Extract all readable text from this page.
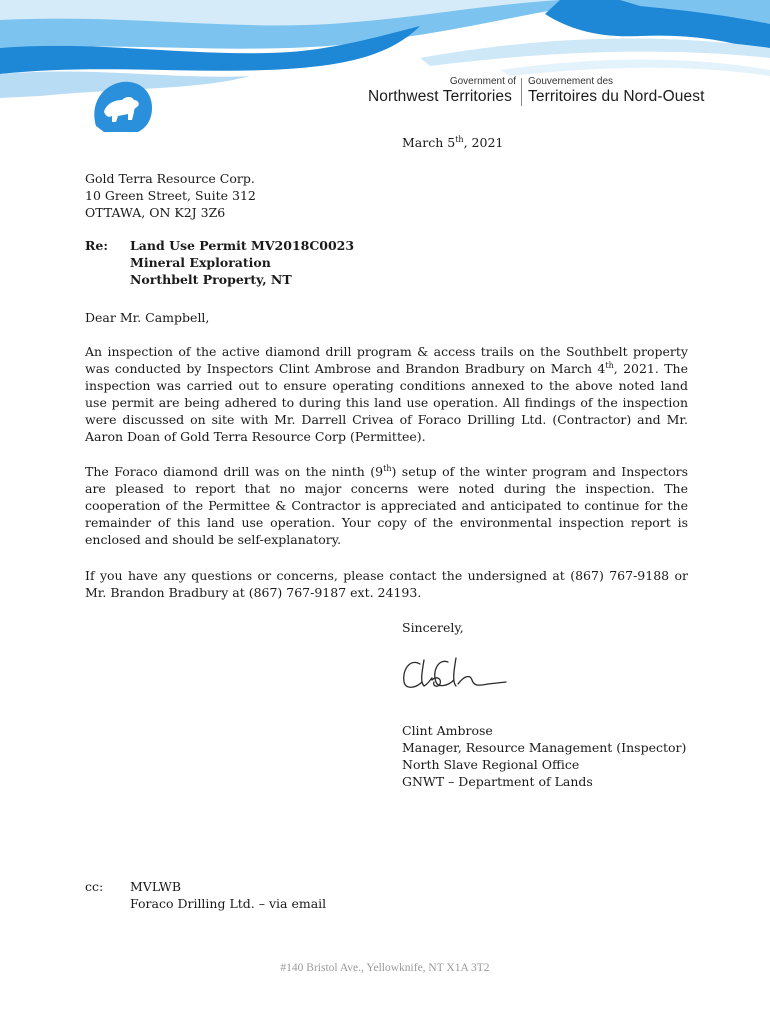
Government of
Northwest Territories
Gouvernement des
Territoires du Nord-Ouest
March 5th, 2021
Gold Terra Resource Corp.
10 Green Street, Suite 312
OTTAWA, ON K2J 3Z6
Re: Land Use Permit MV2018C0023
Mineral Exploration
Northbelt Property, NT
Dear Mr. Campbell,
An inspection of the active diamond drill program & access trails on the Southbelt property was conducted by Inspectors Clint Ambrose and Brandon Bradbury on March 4th, 2021. The inspection was carried out to ensure operating conditions annexed to the above noted land use permit are being adhered to during this land use operation. All findings of the inspection were discussed on site with Mr. Darrell Crivea of Foraco Drilling Ltd. (Contractor) and Mr. Aaron Doan of Gold Terra Resource Corp (Permittee).
The Foraco diamond drill was on the ninth (9th) setup of the winter program and Inspectors are pleased to report that no major concerns were noted during the inspection. The cooperation of the Permittee & Contractor is appreciated and anticipated to continue for the remainder of this land use operation. Your copy of the environmental inspection report is enclosed and should be self-explanatory.
If you have any questions or concerns, please contact the undersigned at (867) 767-9188 or Mr. Brandon Bradbury at (867) 767-9187 ext. 24193.
Sincerely,
Clint Ambrose
Manager, Resource Management (Inspector)
North Slave Regional Office
GNWT – Department of Lands
cc: MVLWB
Foraco Drilling Ltd. – via email
#140 Bristol Ave., Yellowknife, NT X1A 3T2
